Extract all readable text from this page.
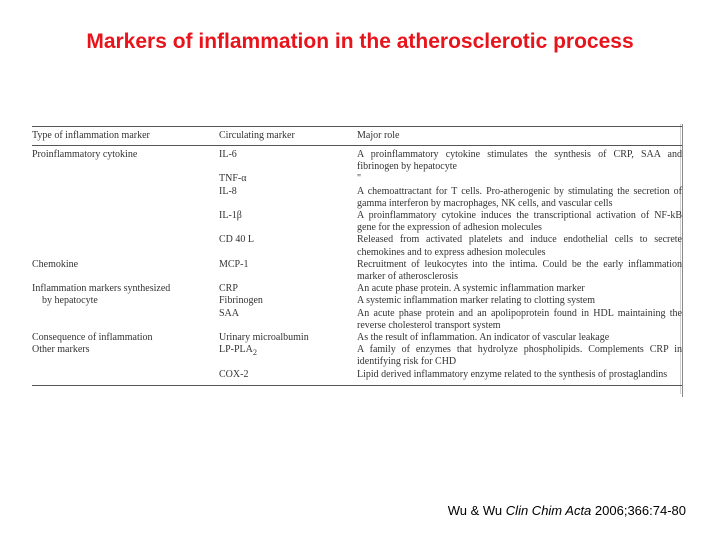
Markers of inflammation in the atherosclerotic process
Type of inflammation marker	Circulating marker	Major role
Proinflammatory cytokine	IL-6	A proinflammatory cytokine stimulates the synthesis of CRP, SAA and fibrinogen by hepatocyte
	TNF-α	"
	IL-8	A chemoattractant for T cells. Pro-atherogenic by stimulating the secretion of gamma interferon by macrophages, NK cells, and vascular cells
	IL-1β	A proinflammatory cytokine induces the transcriptional activation of NF-kB gene for the expression of adhesion molecules
	CD 40 L	Released from activated platelets and induce endothelial cells to secrete chemokines and to express adhesion molecules
Chemokine	MCP-1	Recruitment of leukocytes into the intima. Could be the early inflammation marker of atherosclerosis
Inflammation markers synthesized	CRP	An acute phase protein. A systemic inflammation marker
by hepatocyte	Fibrinogen	A systemic inflammation marker relating to clotting system
	SAA	An acute phase protein and an apolipoprotein found in HDL maintaining the reverse cholesterol transport system
Consequence of inflammation	Urinary microalbumin	As the result of inflammation. An indicator of vascular leakage
Other markers	$LP-PLA_2$	A family of enzymes that hydrolyze phospholipids. Complements CRP in identifying risk for CHD
	COX-2	Lipid derived inflammatory enzyme related to the synthesis of prostaglandins
Wu & Wu Clin Chim Acta 2006;366:74-80
